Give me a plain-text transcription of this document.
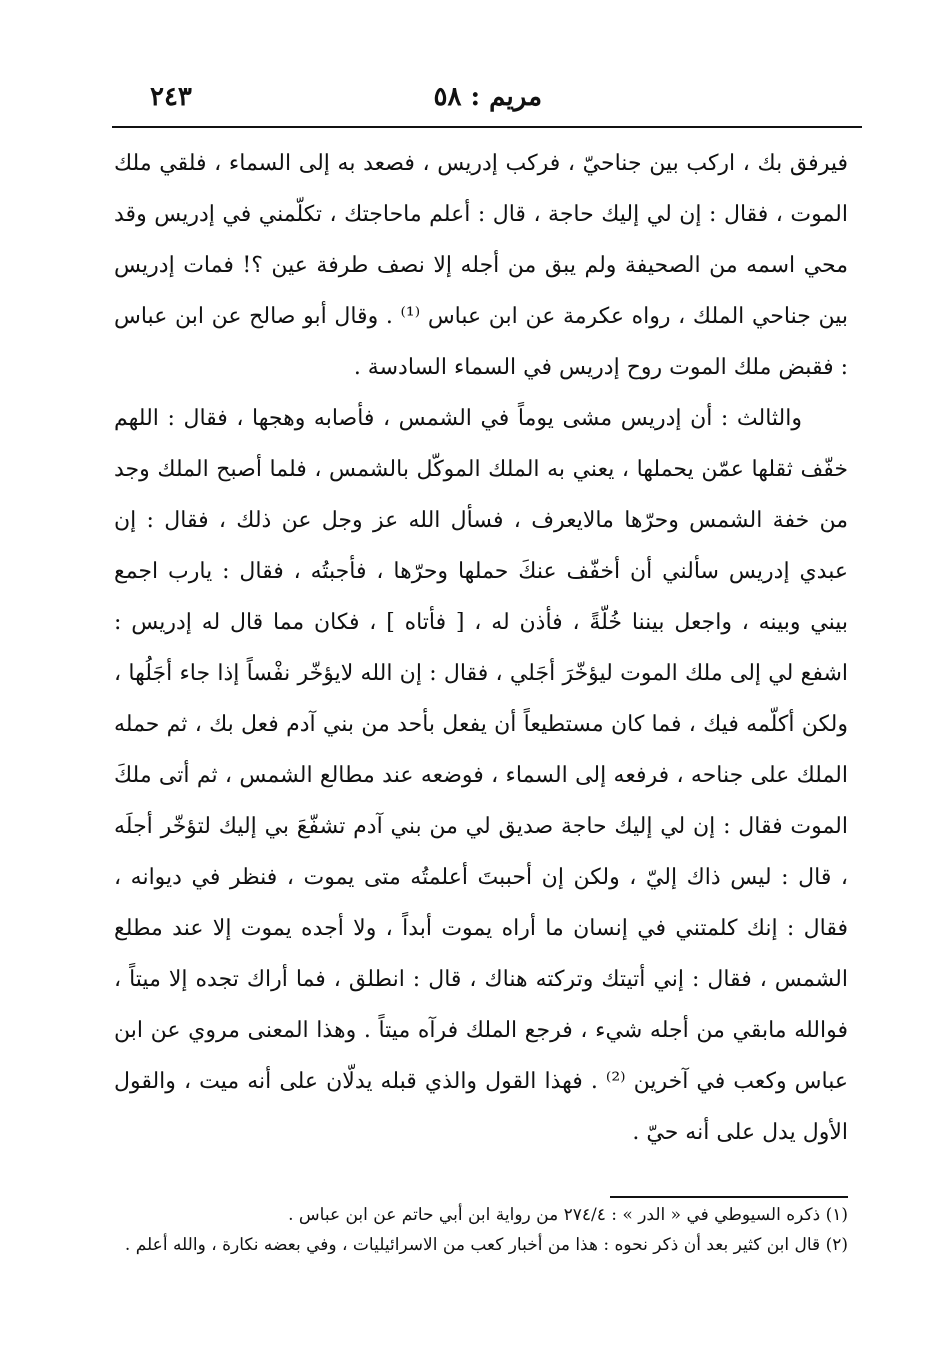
مريم : ٥٨
٢٤٣

فيرفق بك ، اركب بين جناحيّ ، فركب إدريس ، فصعد به إلى السماء ، فلقي ملك الموت ، فقال : إن لي إليك حاجة ، قال : أعلم ماحاجتك ، تكلّمني في إدريس وقد محي اسمه من الصحيفة ولم يبق من أجله إلا نصف طرفة عين ؟! فمات إدريس بين جناحي الملك ، رواه عكرمة عن ابن عباس ⁽¹⁾ . وقال أبو صالح عن ابن عباس : فقبض ملك الموت روح إدريس في السماء السادسة .

والثالث : أن إدريس مشى يوماً في الشمس ، فأصابه وهجها ، فقال : اللهم خفّف ثقلها عمّن يحملها ، يعني به الملك الموكّل بالشمس ، فلما أصبح الملك وجد من خفة الشمس وحرّها مالايعرف ، فسأل الله عز وجل عن ذلك ، فقال : إن عبدي إدريس سألني أن أخفّف عنكَ حملها وحرّها ، فأجبتُه ، فقال : يارب اجمع بيني وبينه ، واجعل بيننا خُلّةً ، فأذن له ، [ فأتاه ] ، فكان مما قال له إدريس : اشفع لي إلى ملك الموت ليؤخّرَ أجَلي ، فقال : إن الله لايؤخّر نفْساً إذا جاء أجَلُها ، ولكن أكلّمه فيك ، فما كان مستطيعاً أن يفعل بأحد من بني آدم فعل بك ، ثم حمله الملك على جناحه ، فرفعه إلى السماء ، فوضعه عند مطالع الشمس ، ثم أتى ملكَ الموت فقال : إن لي إليك حاجة صديق لي من بني آدم تشفّعَ بي إليك لتؤخّر أجلَه ، قال : ليس ذاك إليّ ، ولكن إن أحببتَ أعلمتُه متى يموت ، فنظر في ديوانه ، فقال : إنك كلمتني في إنسان ما أراه يموت أبداً ، ولا أجده يموت إلا عند مطلع الشمس ، فقال : إني أتيتك وتركته هناك ، قال : انطلق ، فما أراك تجده إلا ميتاً ، فوالله مابقي من أجله شيء ، فرجع الملك فرآه ميتاً . وهذا المعنى مروي عن ابن عباس وكعب في آخرين ⁽²⁾ . فهذا القول والذي قبله يدلّان على أنه ميت ، والقول الأول يدل على أنه حيّ .

(١) ذكره السيوطي في « الدر » : ٢٧٤/٤ من رواية ابن أبي حاتم عن ابن عباس .

(٢) قال ابن كثير بعد أن ذكر نحوه : هذا من أخبار كعب من الاسرائيليات ، وفي بعضه نكارة ، والله أعلم .
